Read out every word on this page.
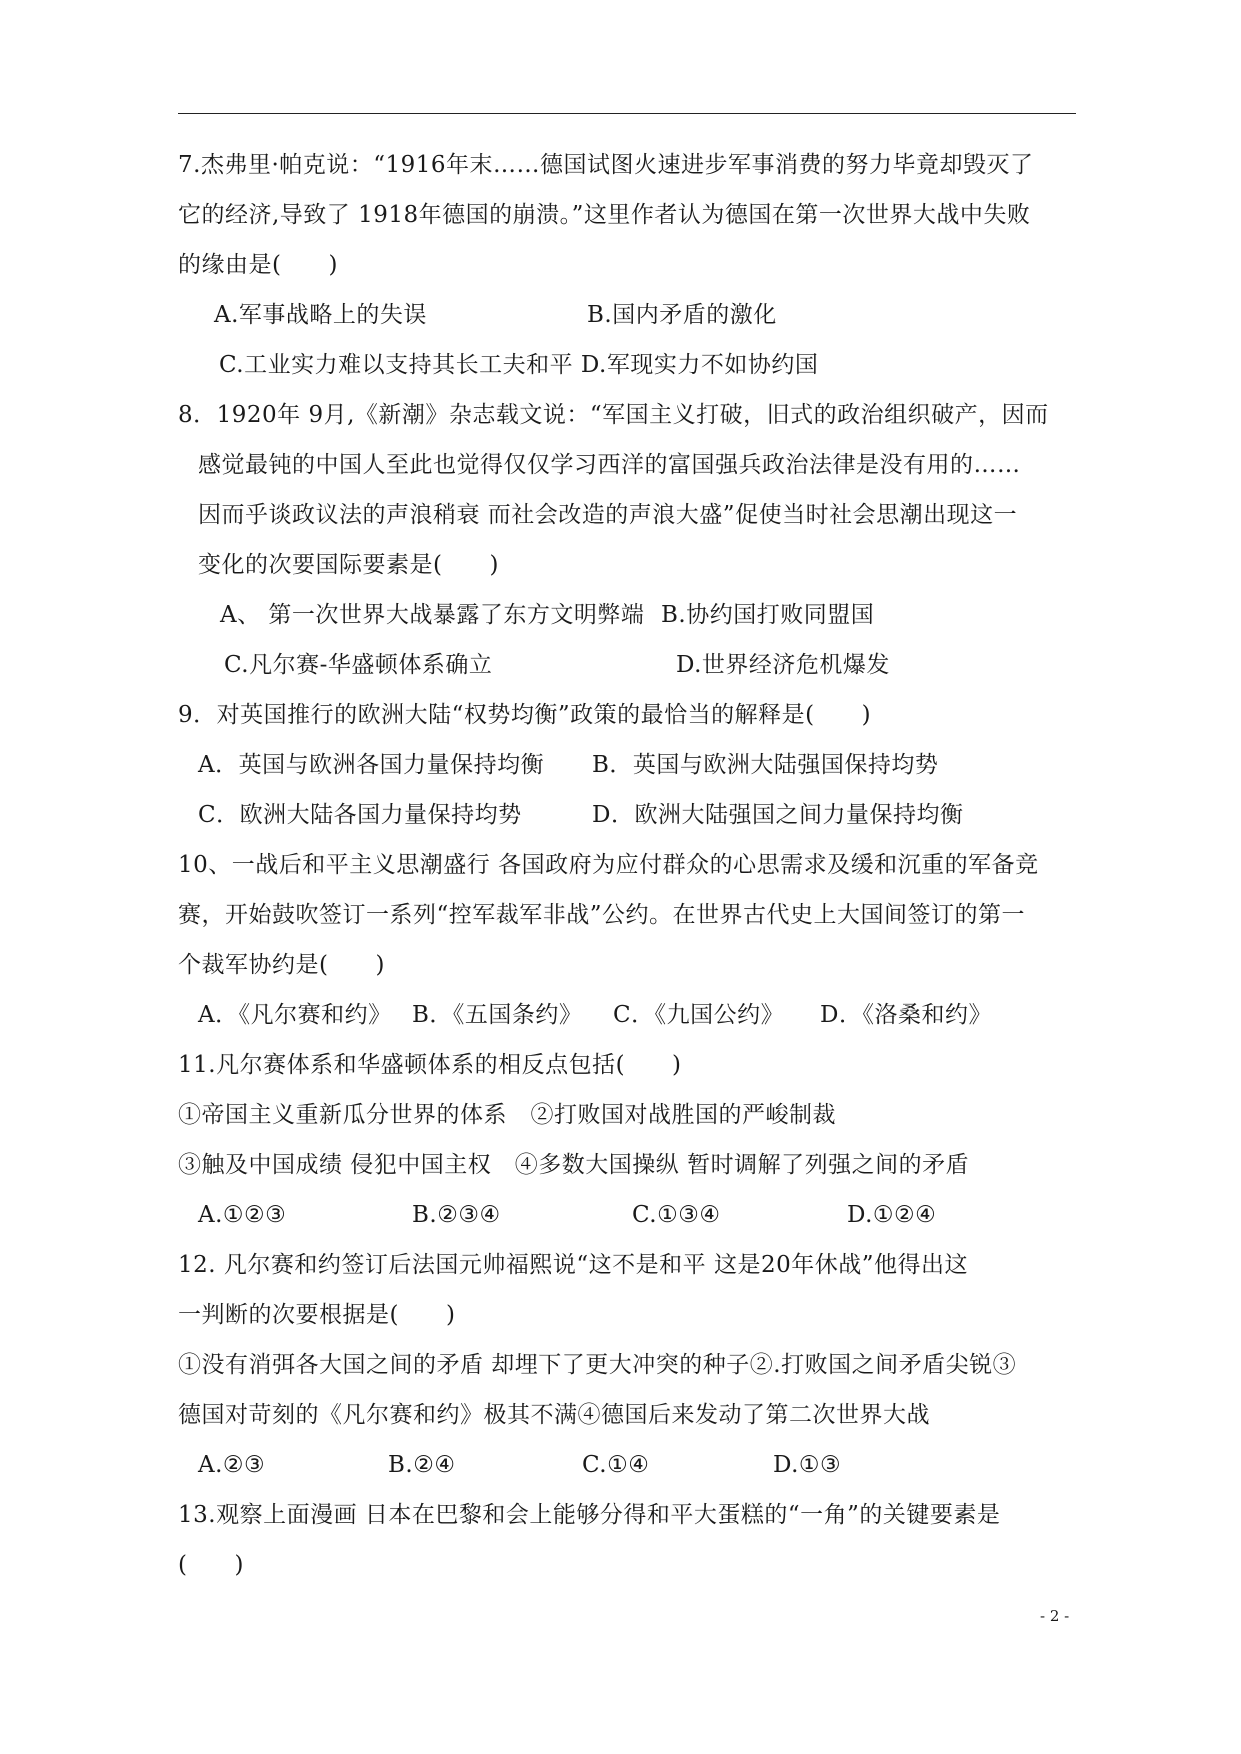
7.杰弗里·帕克说：“1916年末……德国试图火速进步军事消费的努力毕竟却毁灭了
它的经济,导致了 1918年德国的崩溃。”这里作者认为德国在第一次世界大战中失败
的缘由是(　　)
A.军事战略上的失误	B.国内矛盾的激化
C.工业实力难以支持其长工夫和平 D.军现实力不如协约国
8．1920年 9月,《新潮》杂志载文说：“军国主义打破，旧式的政治组织破产，因而
感觉最钝的中国人至此也觉得仅仅学习西洋的富国强兵政治法律是没有用的……
因而乎谈政议法的声浪稍衰 而社会改造的声浪大盛”促使当时社会思潮出现这一
变化的次要国际要素是(　　)
A、 第一次世界大战暴露了东方文明弊端 B.协约国打败同盟国
C.凡尔赛-华盛顿体系确立	D.世界经济危机爆发
9．对英国推行的欧洲大陆“权势均衡”政策的最恰当的解释是(　　)
A．英国与欧洲各国力量保持均衡 B．英国与欧洲大陆强国保持均势
C．欧洲大陆各国力量保持均势	D．欧洲大陆强国之间力量保持均衡
10、一战后和平主义思潮盛行 各国政府为应付群众的心思需求及缓和沉重的军备竞
赛，开始鼓吹签订一系列“控军裁军非战”公约。在世界古代史上大国间签订的第一
个裁军协约是(　　)
A．《凡尔赛和约》 B．《五国条约》 C．《九国公约》 D．《洛桑和约》
11.凡尔赛体系和华盛顿体系的相反点包括(　　)
①帝国主义重新瓜分世界的体系　②打败国对战胜国的严峻制裁
③触及中国成绩 侵犯中国主权　④多数大国操纵 暂时调解了列强之间的矛盾
A.①②③	B.②③④	C.①③④	D.①②④
12. 凡尔赛和约签订后法国元帅福熙说“这不是和平 这是20年休战”他得出这
一判断的次要根据是(　　)
①没有消弭各大国之间的矛盾 却埋下了更大冲突的种子②.打败国之间矛盾尖锐③
德国对苛刻的《凡尔赛和约》极其不满④德国后来发动了第二次世界大战
A.②③	B.②④	C.①④	D.①③
13.观察上面漫画 日本在巴黎和会上能够分得和平大蛋糕的“一角”的关键要素是
(　　)
- 2 -
